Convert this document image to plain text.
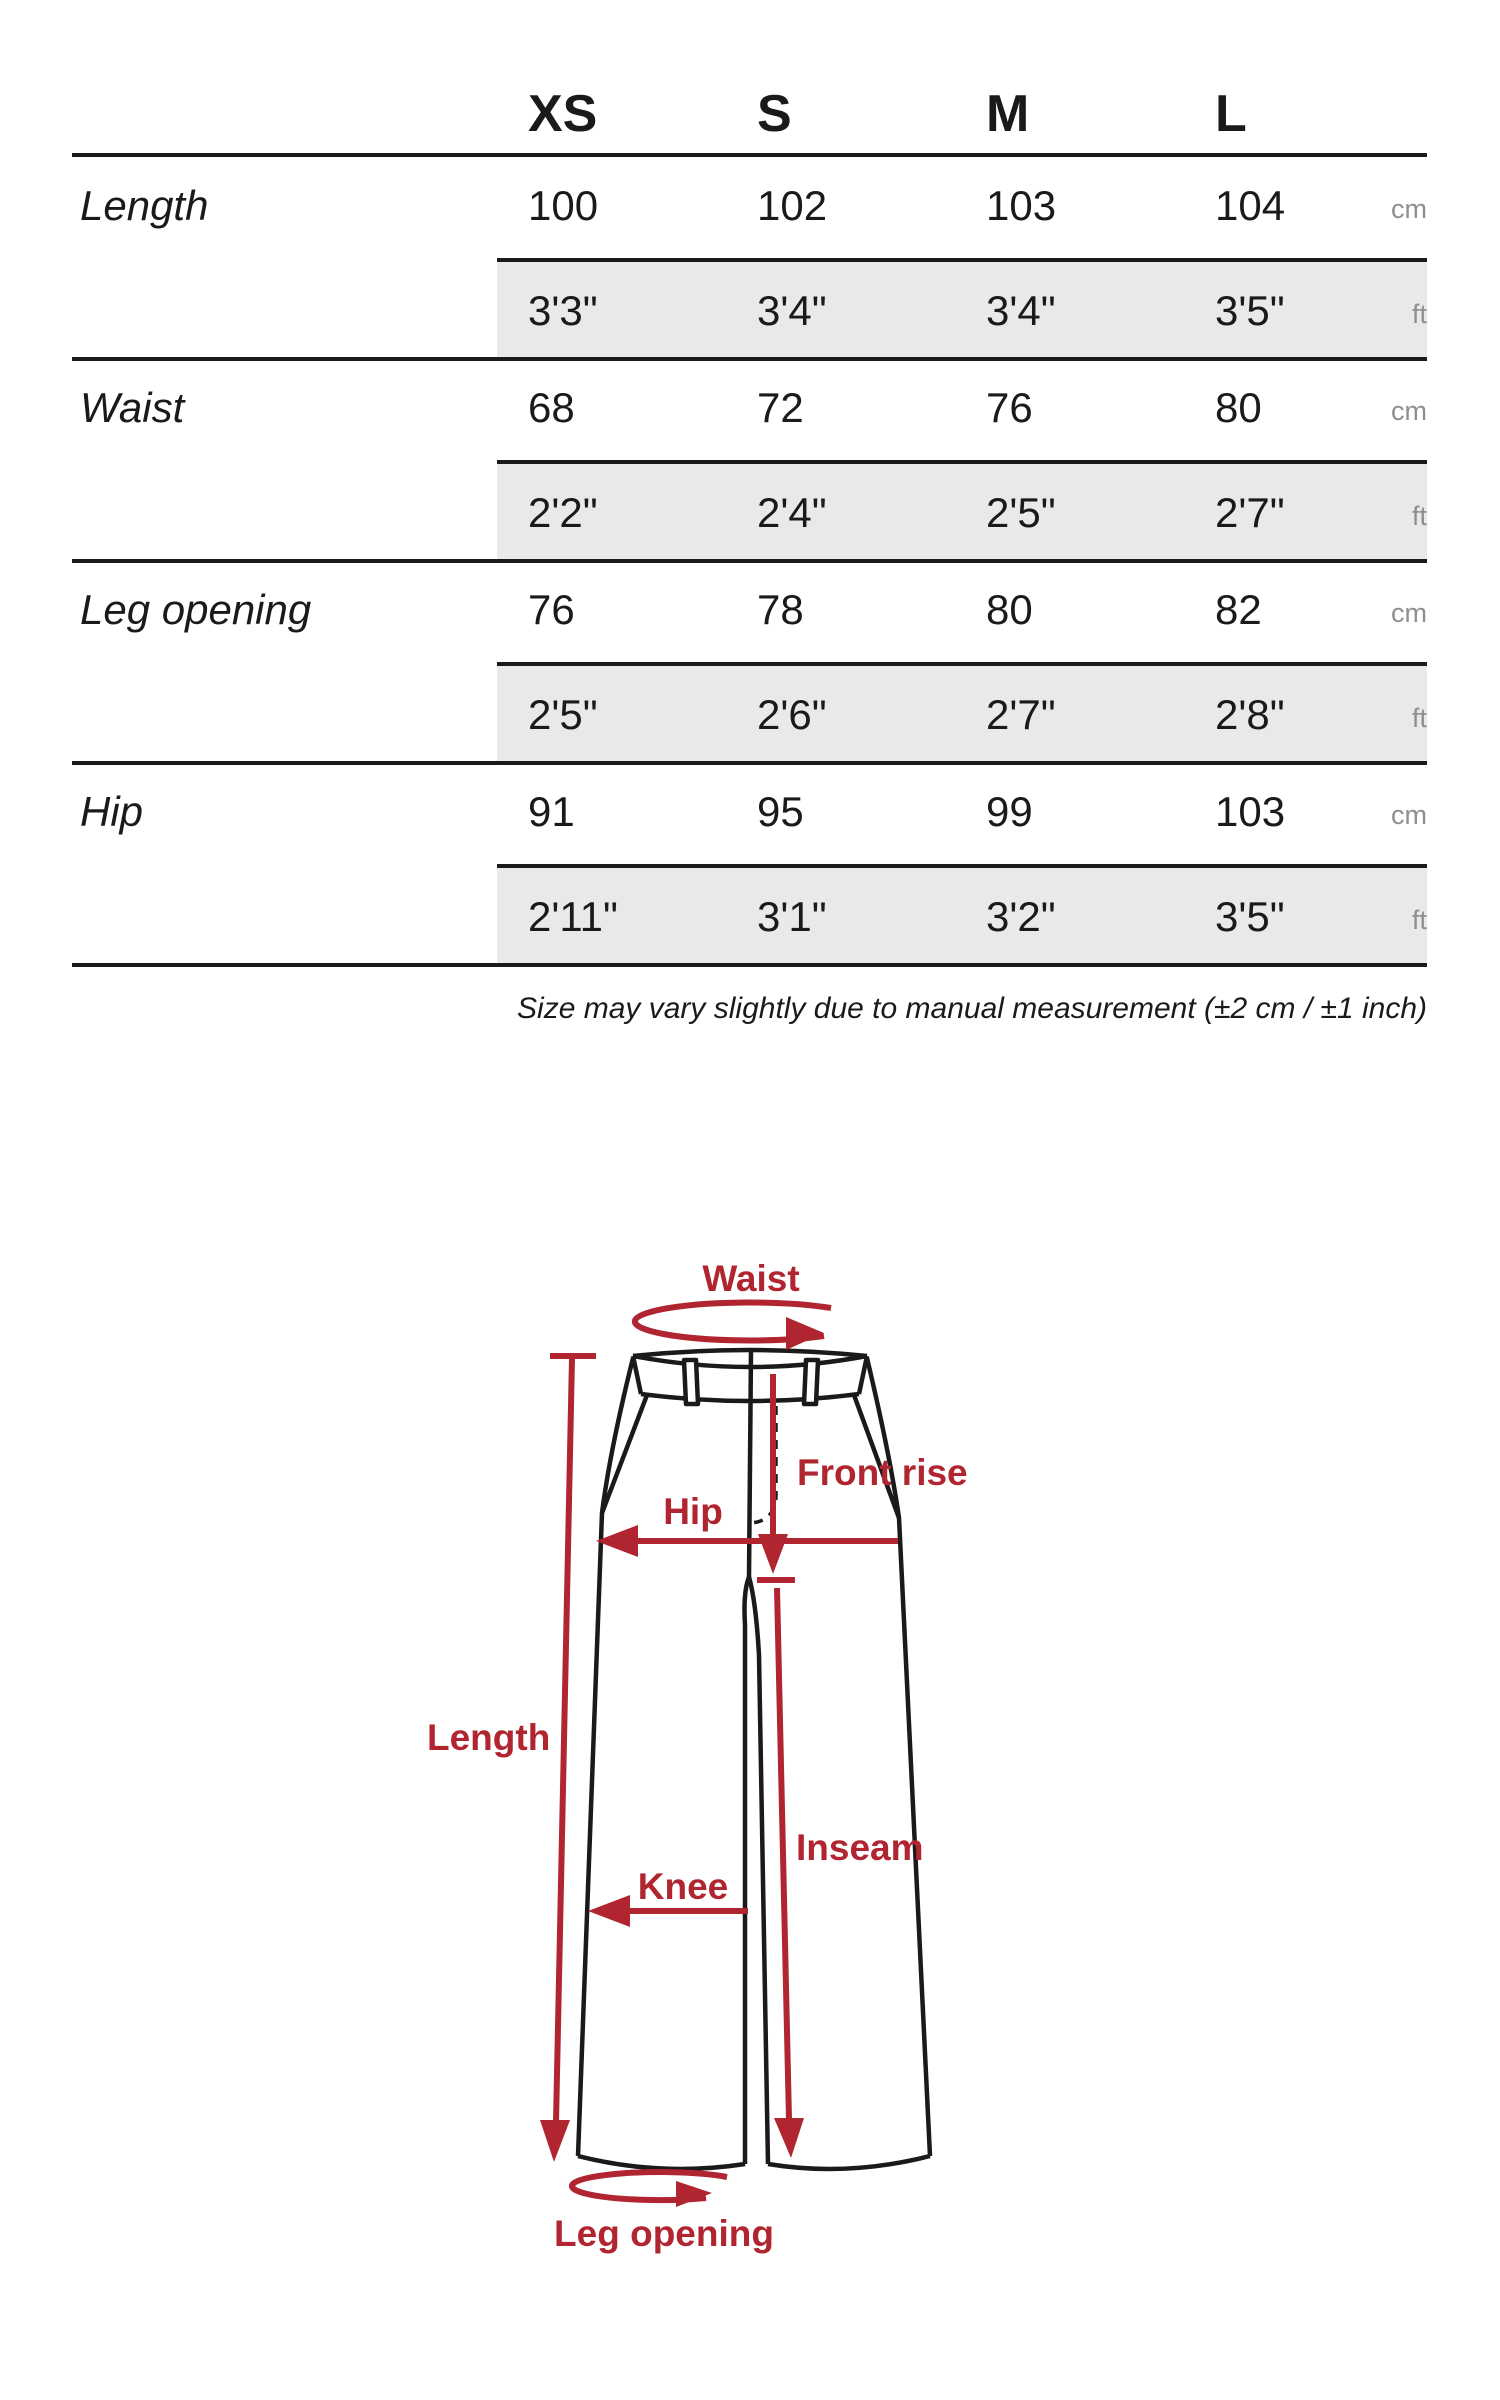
XS	S	M	L
Length	100	102	103	104	cm
3'3"	3'4"	3'4"	3'5"	ft
Waist	68	72	76	80	cm
2'2"	2'4"	2'5"	2'7"	ft
Leg opening	76	78	80	82	cm
2'5"	2'6"	2'7"	2'8"	ft
Hip	91	95	99	103	cm
2'11"	3'1"	3'2"	3'5"	ft
Size may vary slightly due to manual measurement (±2 cm / ±1 inch)
Waist
Front rise
Hip
Length
Knee
Inseam
Leg opening
